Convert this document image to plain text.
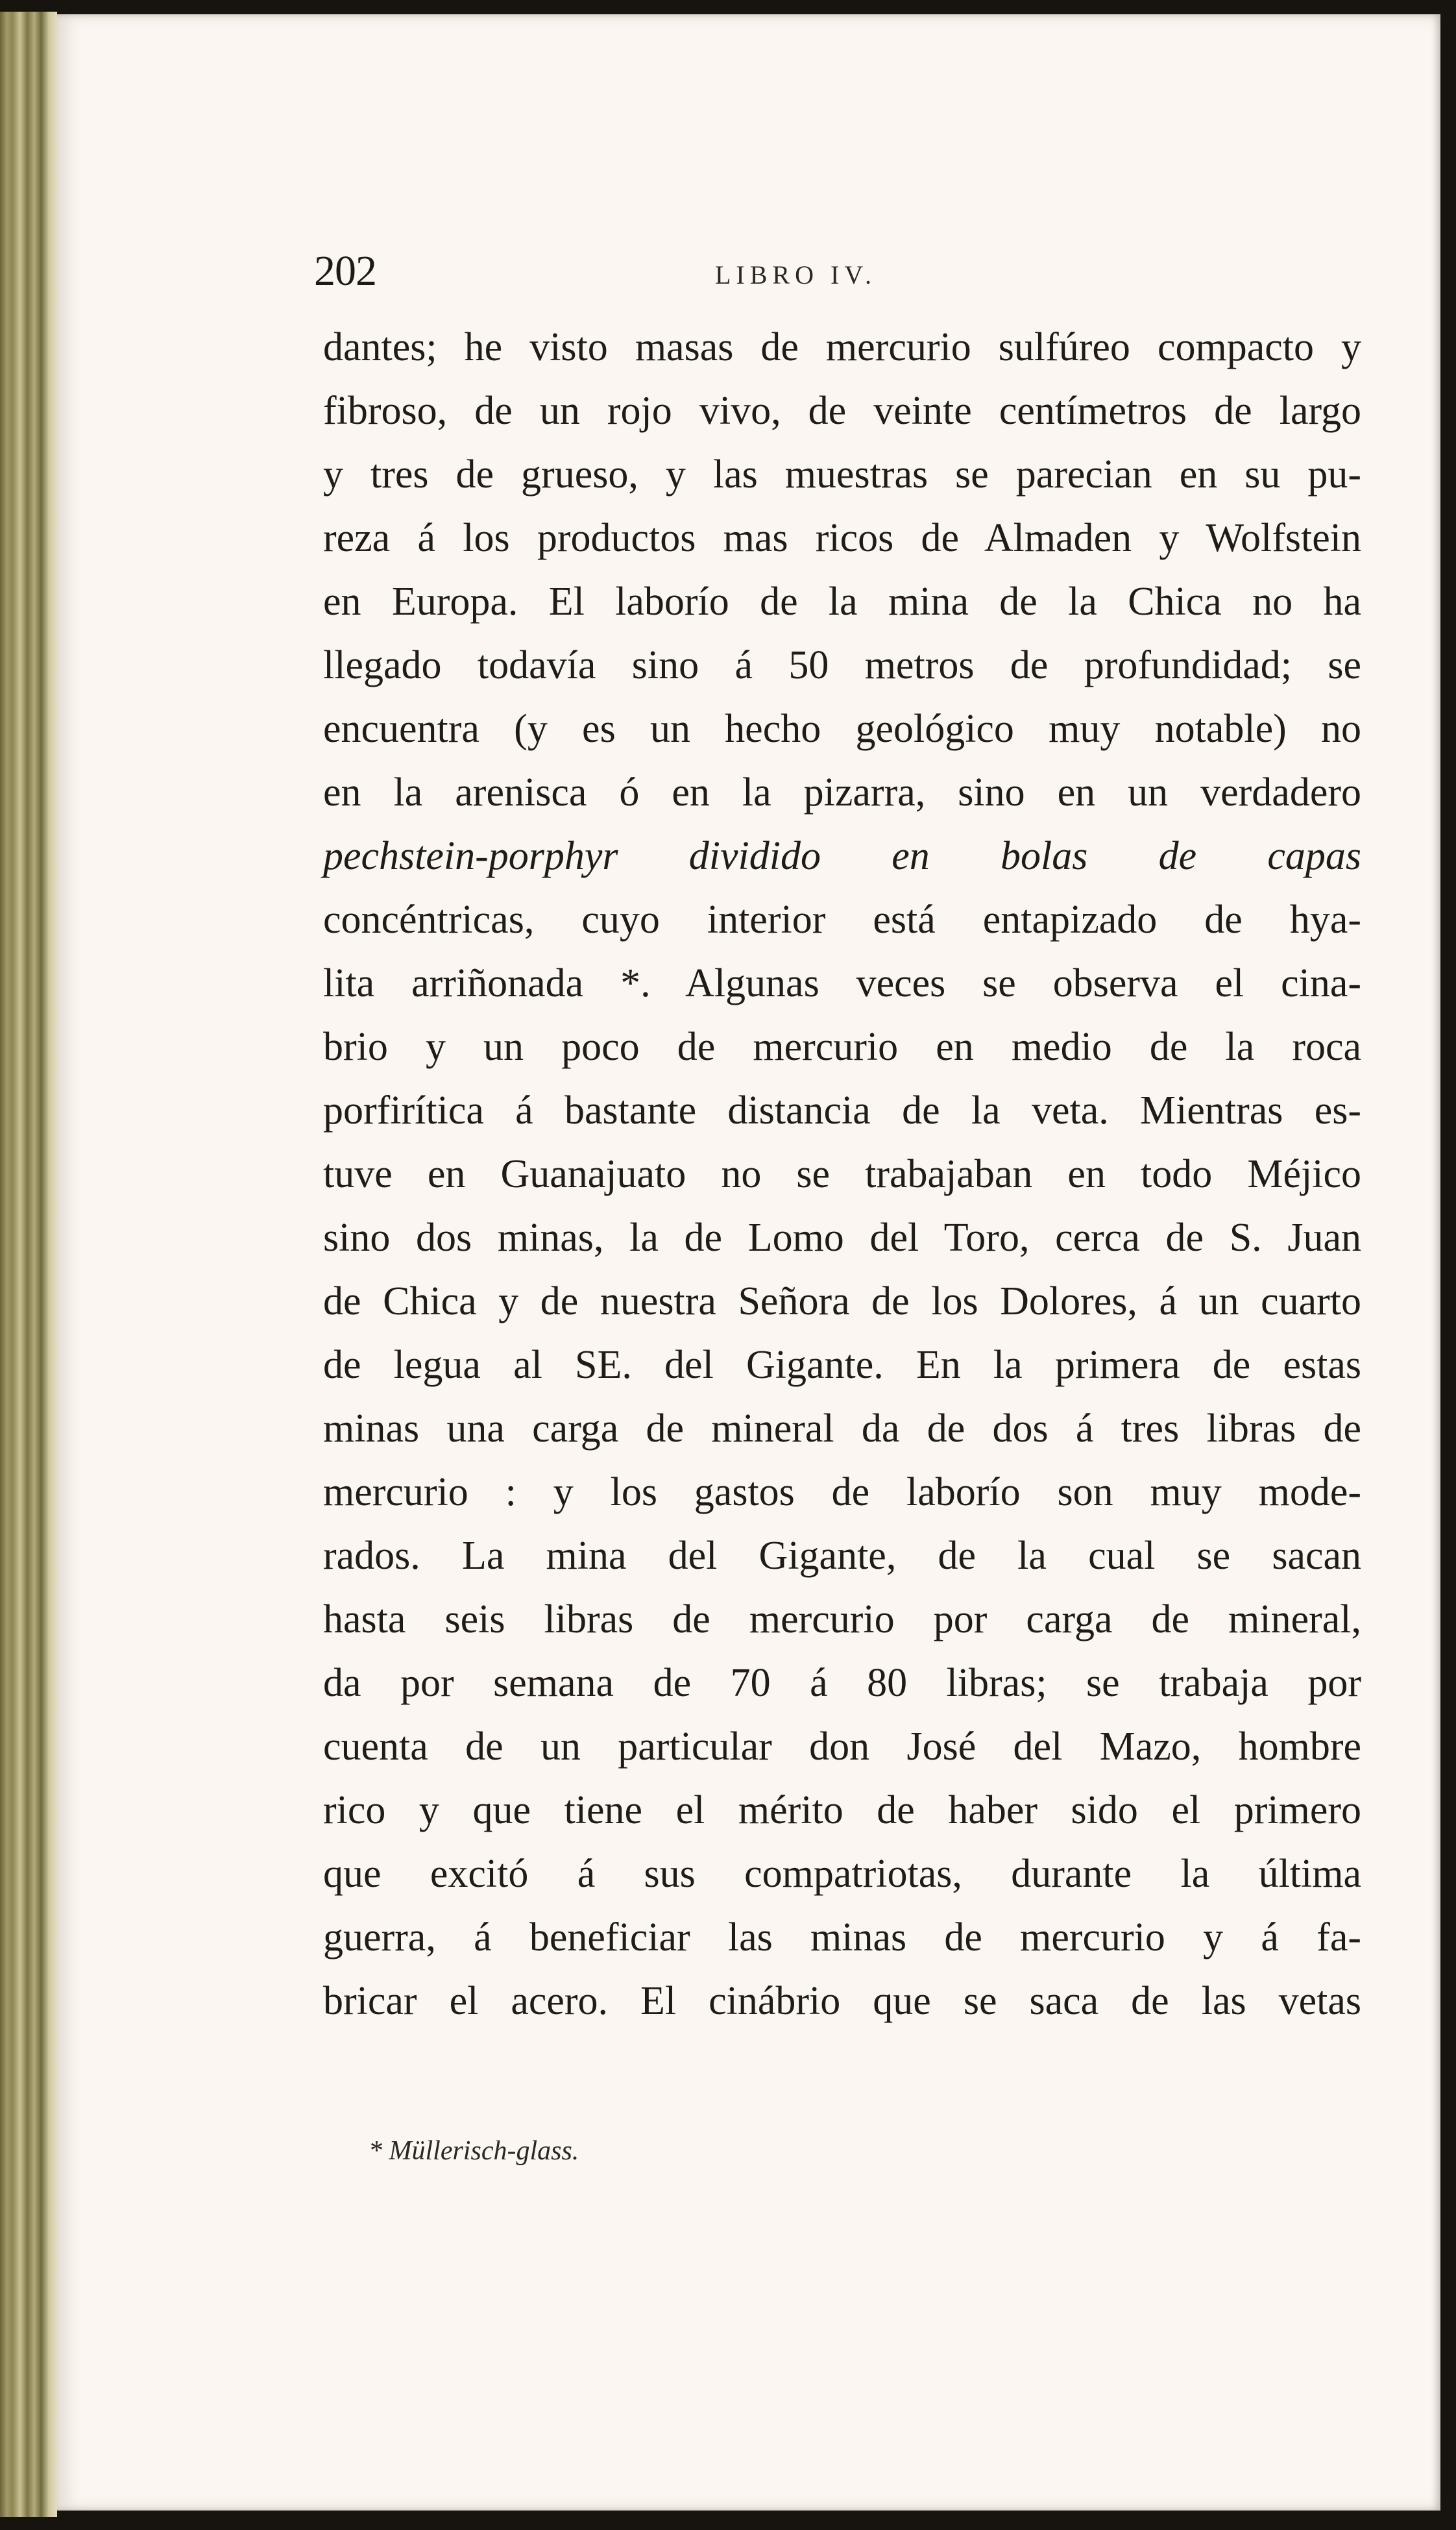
202	LIBRO IV.
dantes; he visto masas de mercurio sulfúreo compacto y
fibroso, de un rojo vivo, de veinte centímetros de largo
y tres de grueso, y las muestras se parecian en su pu-
reza á los productos mas ricos de Almaden y Wolfstein
en Europa. El laborío de la mina de la Chica no ha
llegado todavía sino á 50 metros de profundidad; se
encuentra (y es un hecho geológico muy notable) no
en la arenisca ó en la pizarra, sino en un verdadero
pechstein-porphyr dividido en bolas de capas
concéntricas, cuyo interior está entapizado de hya-
lita arriñonada *. Algunas veces se observa el cina-
brio y un poco de mercurio en medio de la roca
porfirítica á bastante distancia de la veta. Mientras es-
tuve en Guanajuato no se trabajaban en todo Méjico
sino dos minas, la de Lomo del Toro, cerca de S. Juan
de Chica y de nuestra Señora de los Dolores, á un cuarto
de legua al SE. del Gigante. En la primera de estas
minas una carga de mineral da de dos á tres libras de
mercurio : y los gastos de laborío son muy mode-
rados. La mina del Gigante, de la cual se sacan
hasta seis libras de mercurio por carga de mineral,
da por semana de 70 á 80 libras; se trabaja por
cuenta de un particular don José del Mazo, hombre
rico y que tiene el mérito de haber sido el primero
que excitó á sus compatriotas, durante la última
guerra, á beneficiar las minas de mercurio y á fa-
bricar el acero. El cinábrio que se saca de las vetas
* Müllerisch-glass.
